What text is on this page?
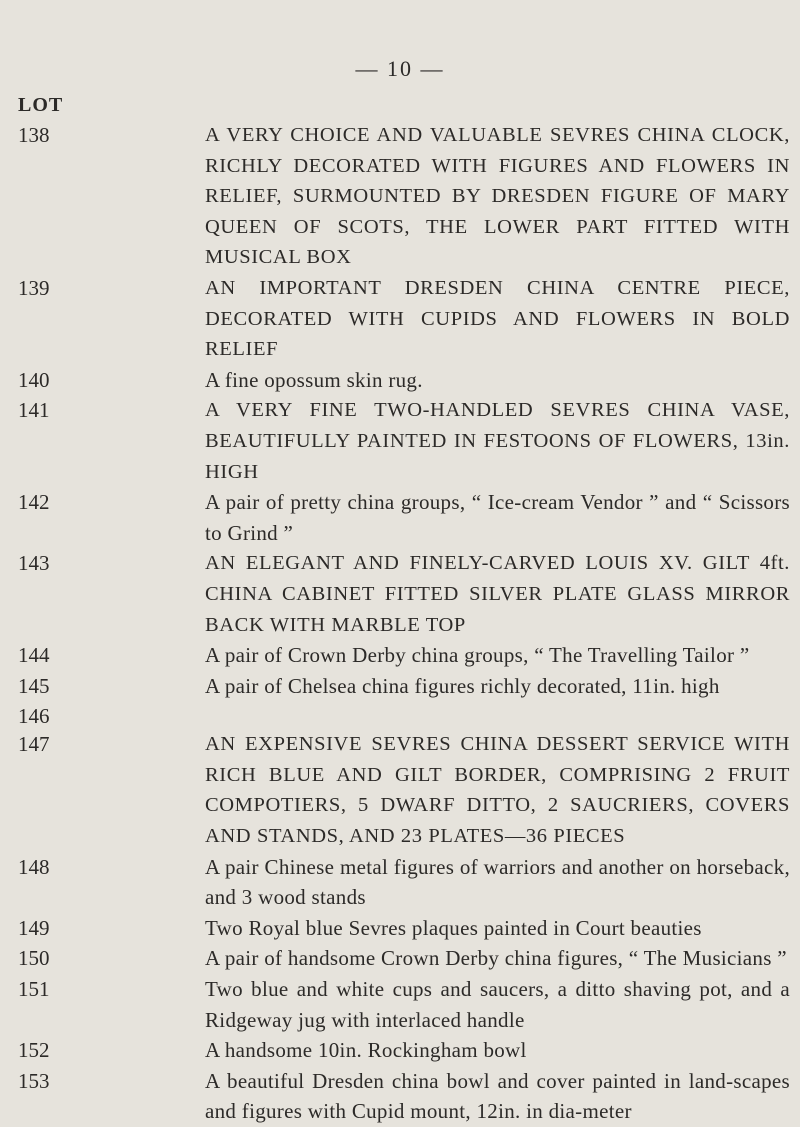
— 10 —
LOT
138	A VERY CHOICE AND VALUABLE SEVRES CHINA CLOCK, RICHLY DECORATED WITH FIGURES AND FLOWERS IN RELIEF, SURMOUNTED BY DRESDEN FIGURE OF MARY QUEEN OF SCOTS, THE LOWER PART FITTED WITH MUSICAL BOX
139	AN IMPORTANT DRESDEN CHINA CENTRE PIECE, DECORATED WITH CUPIDS AND FLOWERS IN BOLD RELIEF
140	A fine opossum skin rug.
141	A VERY FINE TWO-HANDLED SEVRES CHINA VASE, BEAUTIFULLY PAINTED IN FESTOONS OF FLOWERS, 13in. HIGH
142	A pair of pretty china groups, “ Ice-cream Vendor ” and “ Scissors to Grind ”
143	AN ELEGANT AND FINELY-CARVED LOUIS XV. GILT 4ft. CHINA CABINET FITTED SILVER PLATE GLASS MIRROR BACK WITH MARBLE TOP
144	A pair of Crown Derby china groups, “ The Travelling Tailor ”
145	A pair of Chelsea china figures richly decorated, 11in. high
146
147	AN EXPENSIVE SEVRES CHINA DESSERT SERVICE WITH RICH BLUE AND GILT BORDER, COMPRISING 2 FRUIT COMPOTIERS, 5 DWARF DITTO, 2 SAUCRIERS, COVERS AND STANDS, AND 23 PLATES—36 PIECES
148	A pair Chinese metal figures of warriors and another on horseback, and 3 wood stands
149	Two Royal blue Sevres plaques painted in Court beauties
150	A pair of handsome Crown Derby china figures, “ The Musicians ”
151	Two blue and white cups and saucers, a ditto shaving pot, and a Ridgeway jug with interlaced handle
152	A handsome 10in. Rockingham bowl
153	A beautiful Dresden china bowl and cover painted in land-scapes and figures with Cupid mount, 12in. in dia-meter
